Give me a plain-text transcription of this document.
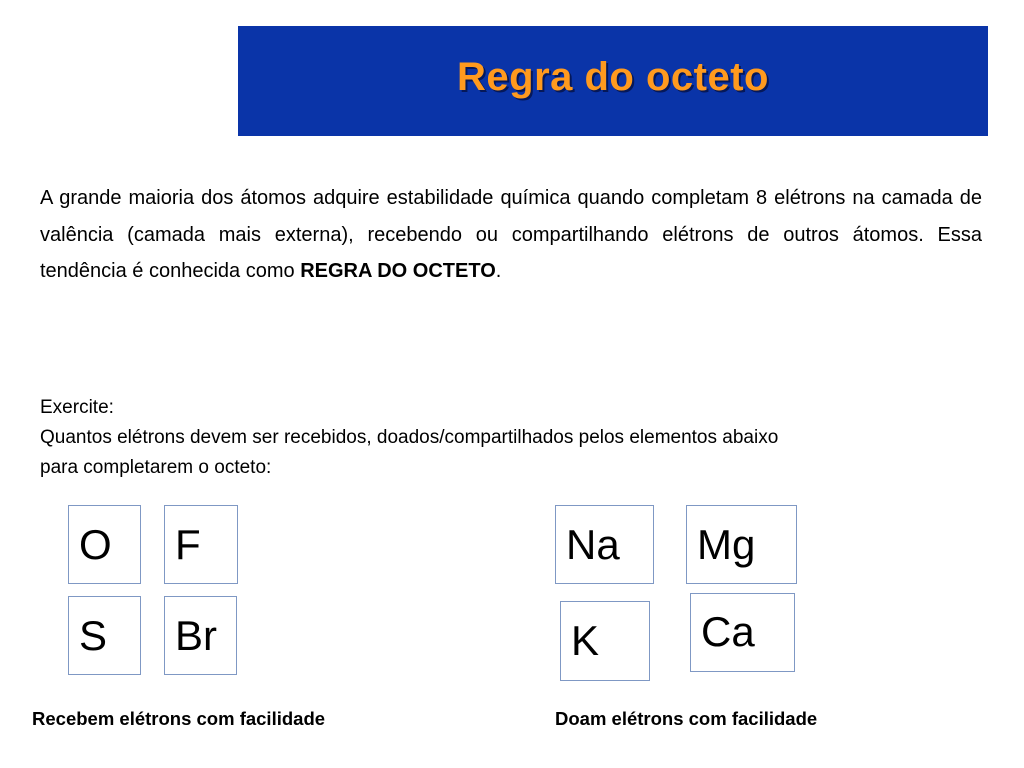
Regra do octeto

A grande maioria dos átomos adquire estabilidade química quando completam 8 elétrons na camada de valência (camada mais externa), recebendo ou compartilhando elétrons de outros átomos. Essa tendência é conhecida como REGRA DO OCTETO.

Exercite:
Quantos elétrons devem ser recebidos, doados/compartilhados pelos elementos abaixo
para completarem o octeto:
O F
S Br
Na Mg
K Ca
Recebem elétrons com facilidade	Doam elétrons com facilidade
